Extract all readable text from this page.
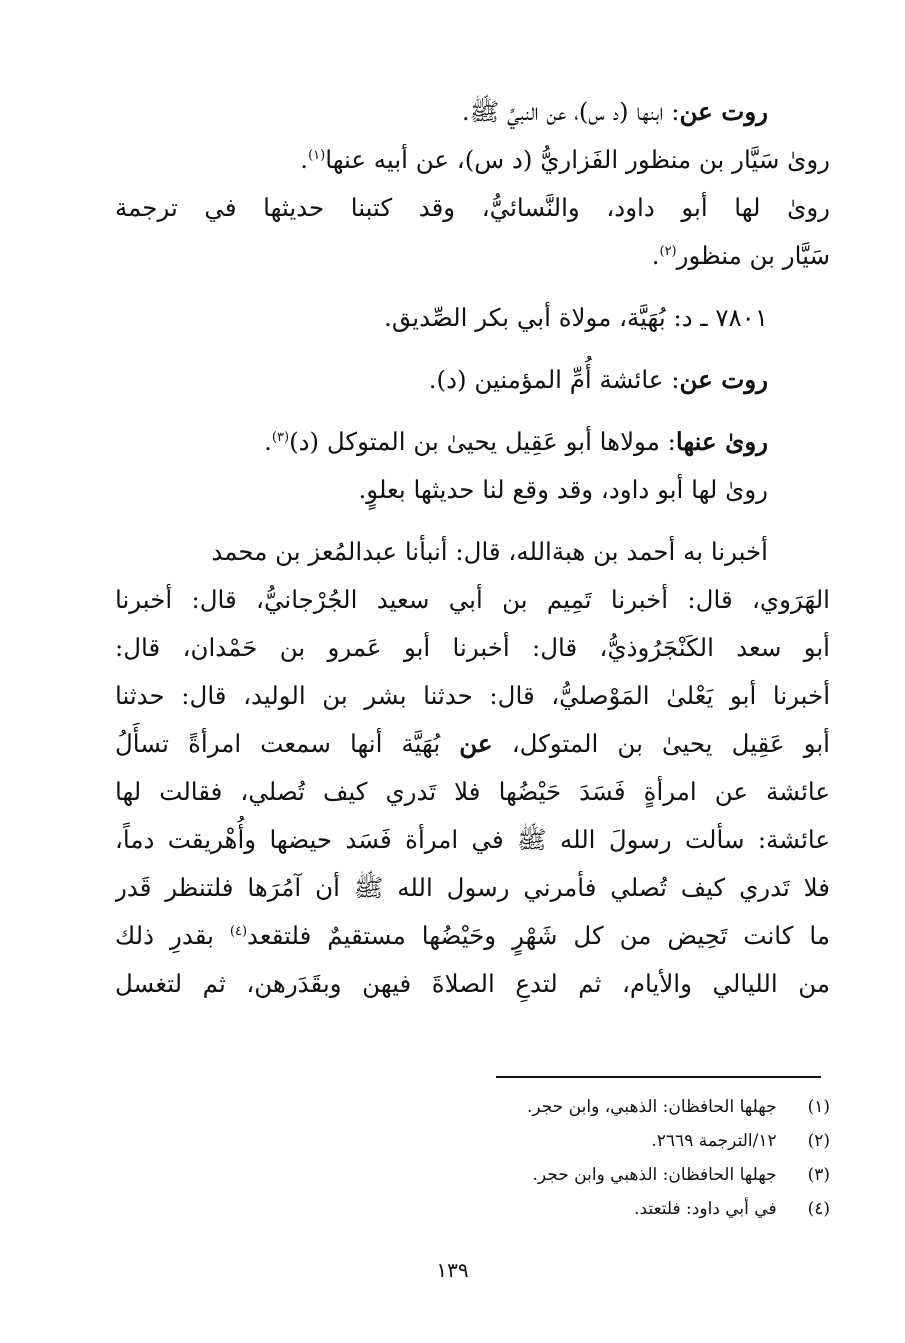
روت عن: ابنها (د س)، عن النبيِّ ﷺ.
روىٰ سَيَّار بن منظور الفَزاريُّ (د س)، عن أبيه عنها$^{(١)}$.
روىٰ لها أبو داود، والنَّسائيُّ، وقد كتبنا حديثها في ترجمة
سَيَّار بن منظور$^{(٢)}$.
٧٨٠١ ـ د: بُهَيَّة، مولاة أبي بكر الصِّديق.
روت عن: عائشة أُمِّ المؤمنين (د).
روىٰ عنها: مولاها أبو عَقِيل يحيىٰ بن المتوكل (د)$^{(٣)}$.
روىٰ لها أبو داود، وقد وقع لنا حديثها بعلوٍ.
أخبرنا به أحمد بن هبةالله، قال: أنبأنا عبدالمُعز بن محمد
الهَرَوي، قال: أخبرنا تَمِيم بن أبي سعيد الجُرْجانيُّ، قال: أخبرنا
أبو سعد الكَنْجَرُوذيُّ، قال: أخبرنا أبو عَمرو بن حَمْدان، قال:
أخبرنا أبو يَعْلىٰ المَوْصليُّ، قال: حدثنا بشر بن الوليد، قال: حدثنا
أبو عَقِيل يحيىٰ بن المتوكل، عن بُهَيَّة أنها سمعت امرأةً تسأَلُ
عائشة عن امرأةٍ فَسَدَ حَيْضُها فلا تَدري كيف تُصلي، فقالت لها
عائشة: سألت رسولَ الله ﷺ في امرأة فَسَد حيضها وأُهْريقت دماً،
فلا تَدري كيف تُصلي فأمرني رسول الله ﷺ أن آمُرَها فلتنظر قَدر
ما كانت تَحِيض من كل شَهْرٍ وحَيْضُها مستقيمٌ فلتقعد$^{(٤)}$ بقدرِ ذلك
من الليالي والأيام، ثم لتدعِ الصلاةَ فيهن وبقَدَرهن، ثم لتغسل
(١) جهلها الحافظان: الذهبي، وابن حجر.
(٢) ١٢/الترجمة ٢٦٦٩.
(٣) جهلها الحافظان: الذهبي وابن حجر.
(٤) في أبي داود: فلتعتد.
١٣٩
